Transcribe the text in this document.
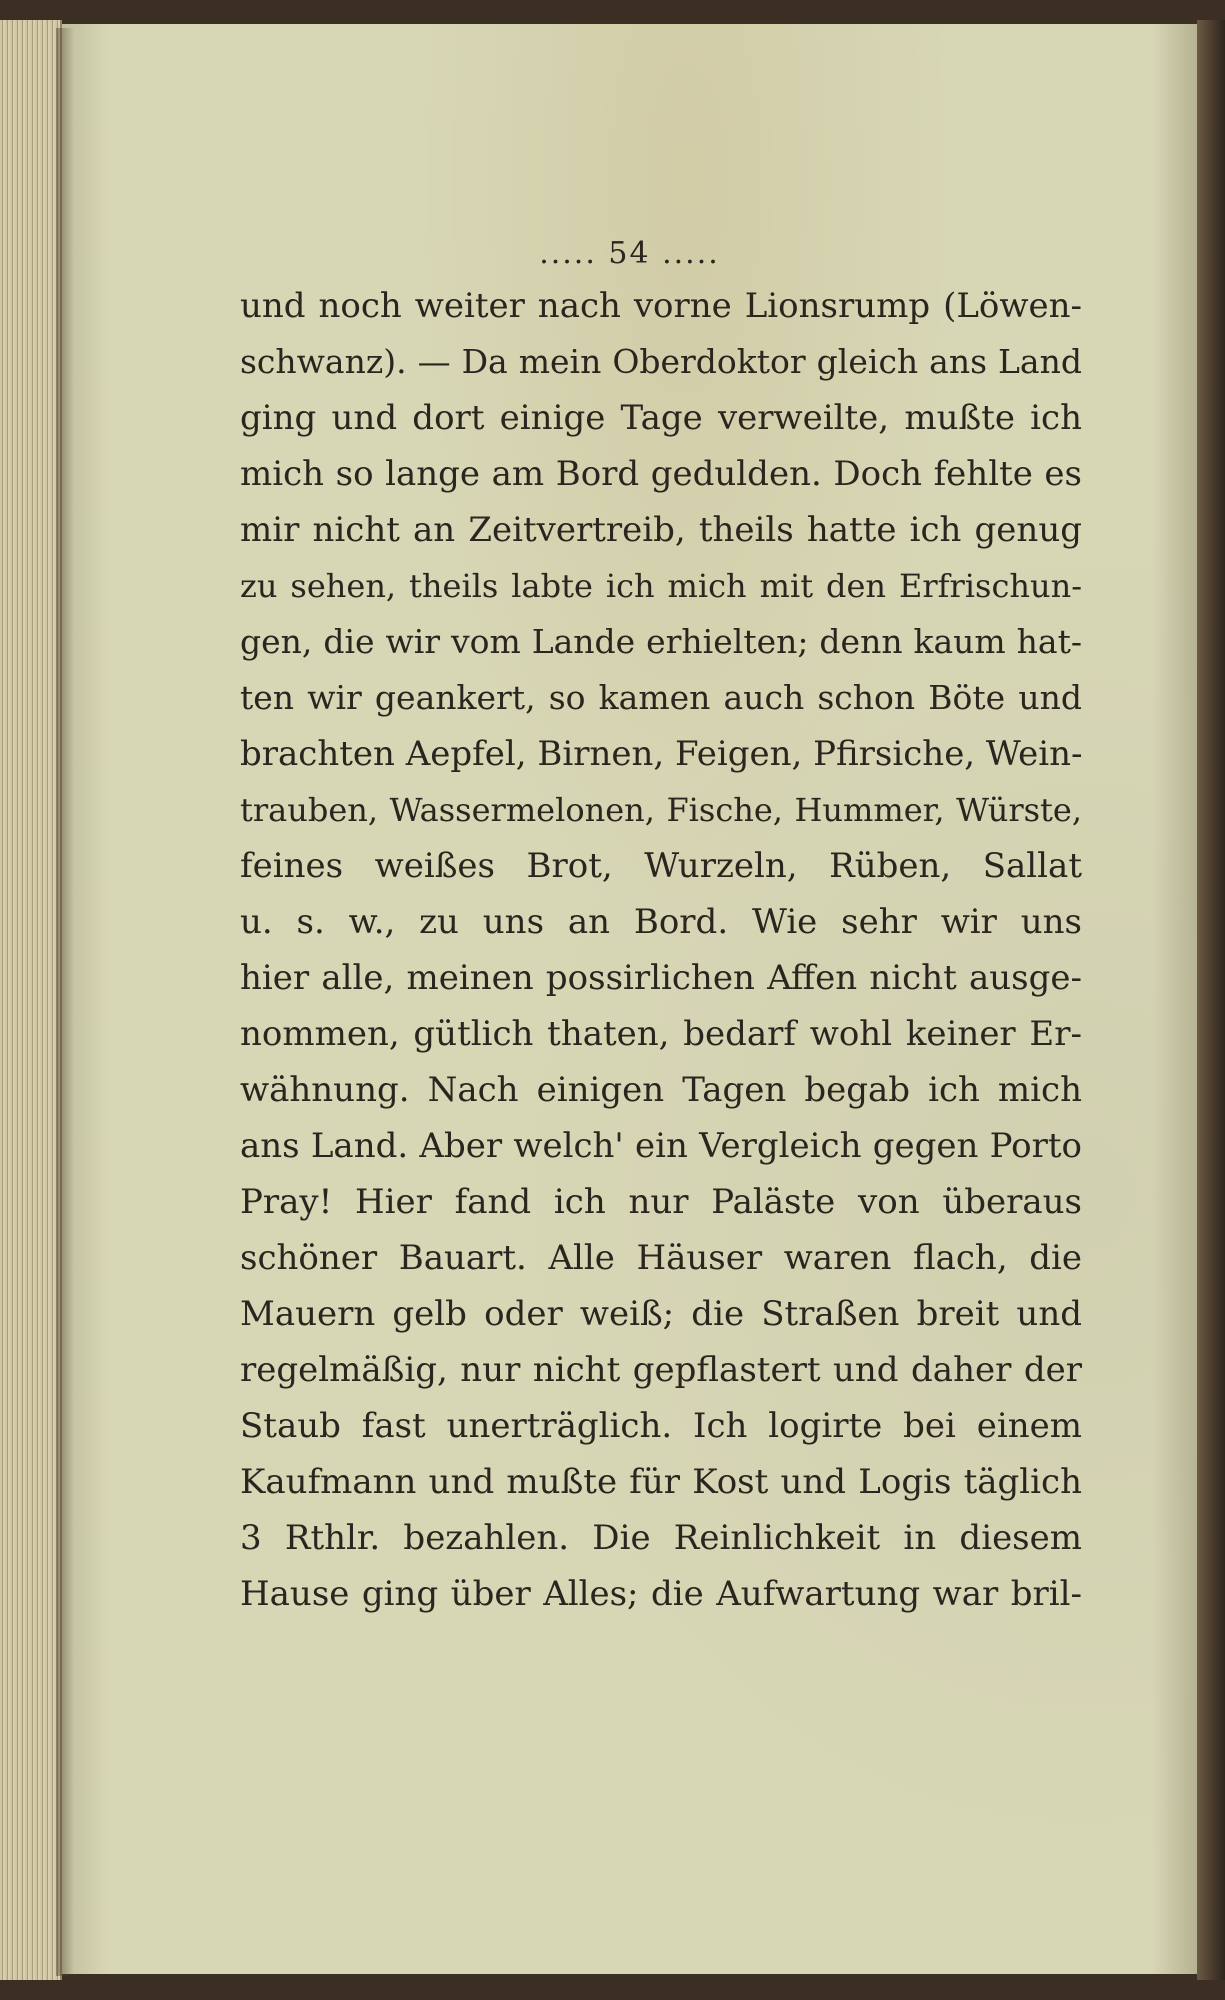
..... 54 .....
und noch weiter nach vorne Lionsrump (Löwen-
schwanz). — Da mein Oberdoktor gleich ans Land
ging und dort einige Tage verweilte, mußte ich
mich so lange am Bord gedulden. Doch fehlte es
mir nicht an Zeitvertreib, theils hatte ich genug
zu sehen, theils labte ich mich mit den Erfrischun-
gen, die wir vom Lande erhielten; denn kaum hat-
ten wir geankert, so kamen auch schon Böte und
brachten Aepfel, Birnen, Feigen, Pfirsiche, Wein-
trauben, Wassermelonen, Fische, Hummer, Würste,
feines weißes Brot, Wurzeln, Rüben, Sallat
u. s. w., zu uns an Bord. Wie sehr wir uns
hier alle, meinen possirlichen Affen nicht ausge-
nommen, gütlich thaten, bedarf wohl keiner Er-
wähnung. Nach einigen Tagen begab ich mich
ans Land. Aber welch' ein Vergleich gegen Porto
Pray! Hier fand ich nur Paläste von überaus
schöner Bauart. Alle Häuser waren flach, die
Mauern gelb oder weiß; die Straßen breit und
regelmäßig, nur nicht gepflastert und daher der
Staub fast unerträglich. Ich logirte bei einem
Kaufmann und mußte für Kost und Logis täglich
3 Rthlr. bezahlen. Die Reinlichkeit in diesem
Hause ging über Alles; die Aufwartung war bril-
